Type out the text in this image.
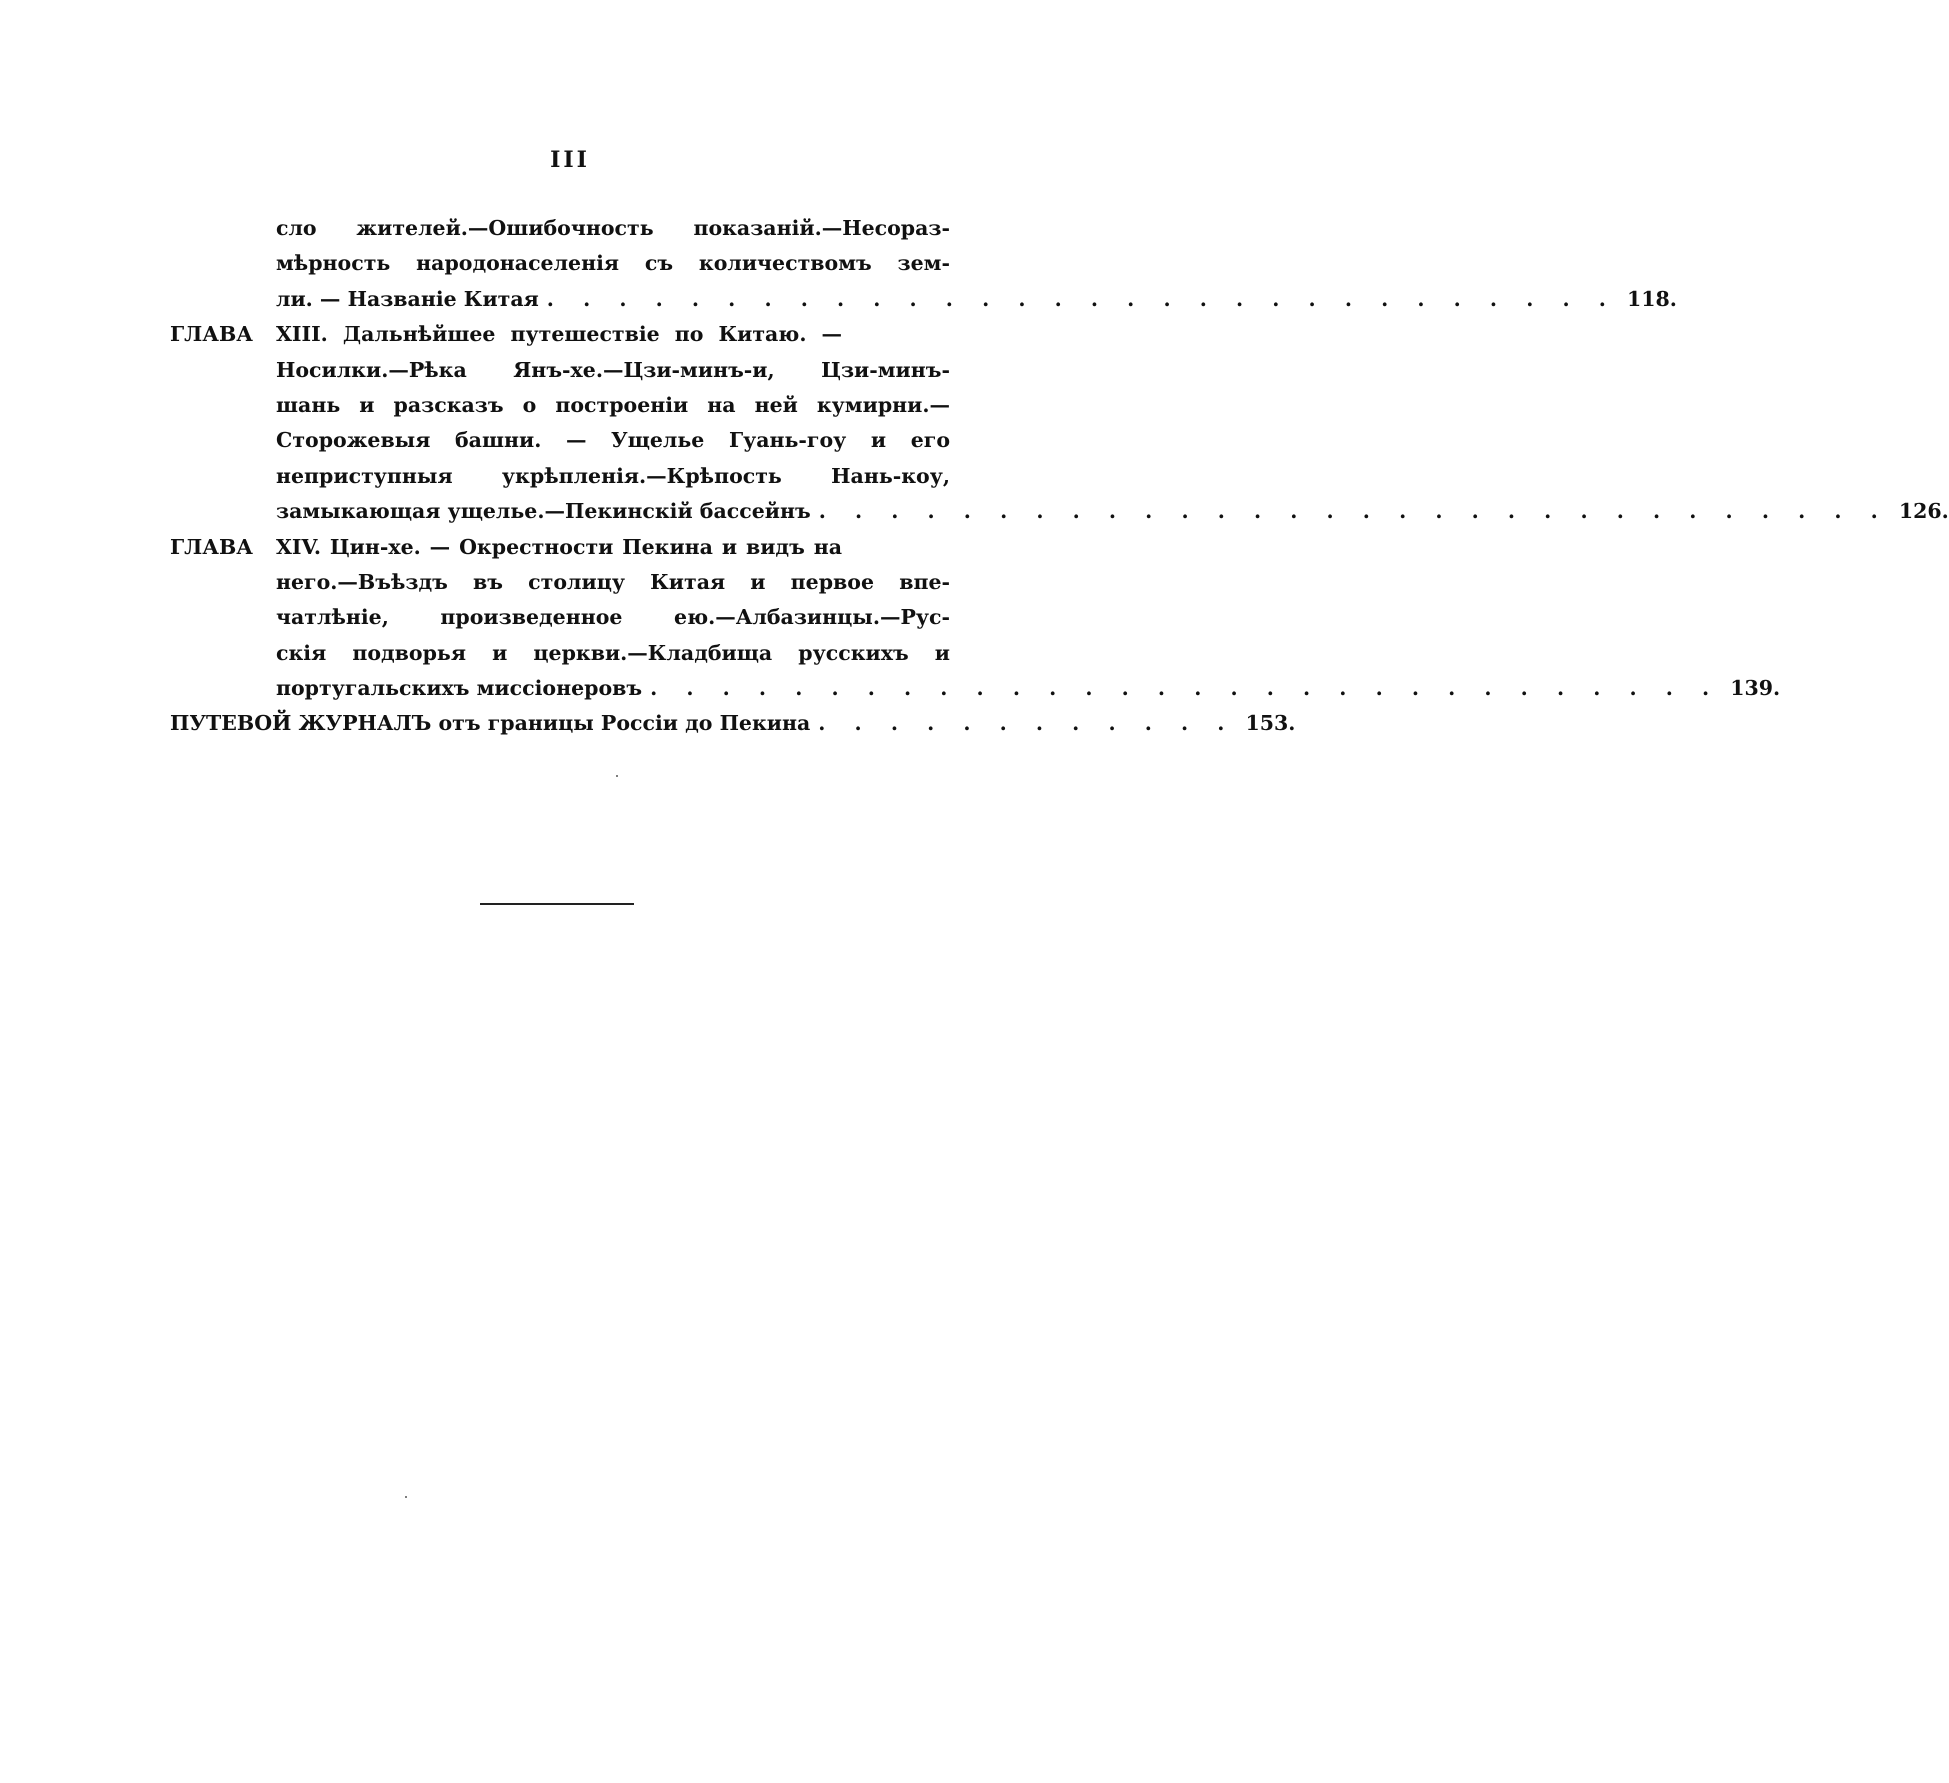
III
сло жителей.—Ошибочность показаній.—Несораз-
мѣрность народонаселенія съ количествомъ зем-
ли. — Названіе Китая . . . . . . . . . . . . . . . . . . . . . . . . . . . . . . 118.
ГЛАВА XIII. Дальнѣйшее путешествіе по Китаю. —
Носилки.—Рѣка Янъ-хе.—Цзи-минъ-и, Цзи-минъ-
шань и разсказъ о построеніи на ней кумирни.—
Сторожевыя башни. — Ущелье Гуань-гоу и его
неприступныя укрѣпленія.—Крѣпость Нань-коу,
замыкающая ущелье.—Пекинскій бассейнъ . . . . . . . . . . . . . . . . . . . . . . . . . . . . . . 126.
ГЛАВА XIV. Цин-хе. — Окрестности Пекина и видъ на
него.—Въѣздъ въ столицу Китая и первое впе-
чатлѣніе, произведенное ею.—Албазинцы.—Рус-
скія подворья и церкви.—Кладбища русскихъ и
португальскихъ миссіонеровъ . . . . . . . . . . . . . . . . . . . . . . . . . . . . . . 139.
ПУТЕВОЙ ЖУРНАЛЪ отъ границы Россіи до Пекина . . . . . . . . . . . . 153.
